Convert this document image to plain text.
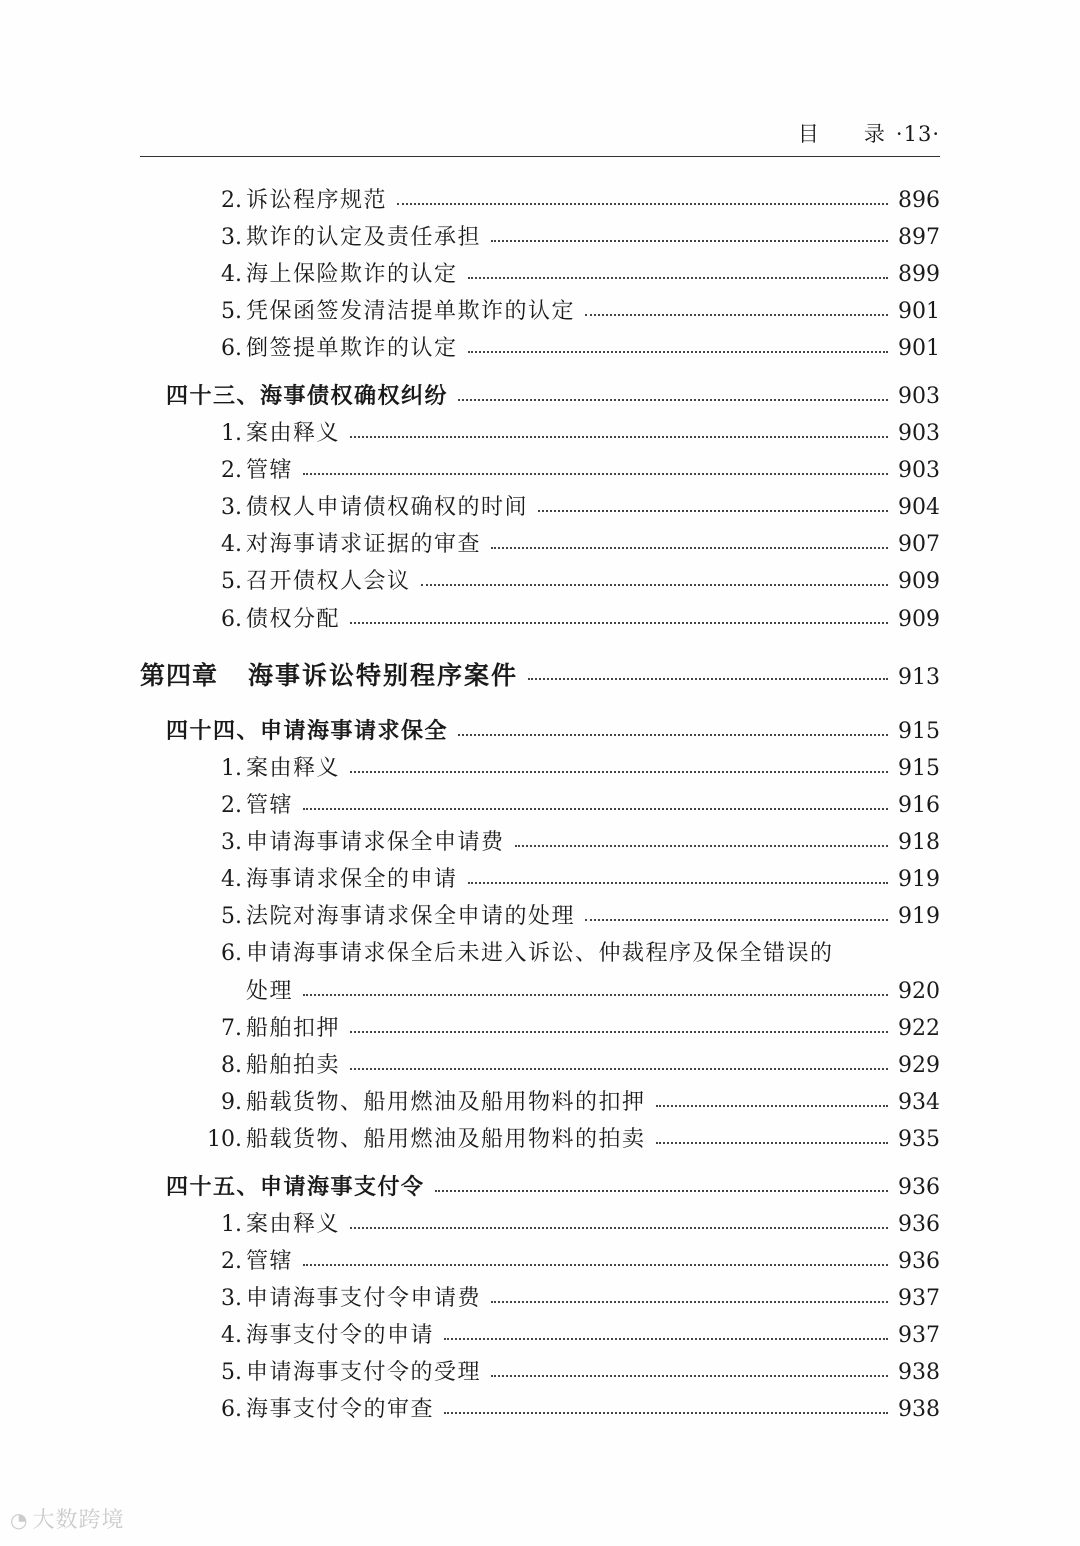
目 录 ·13·
2. 诉讼程序规范	896
3. 欺诈的认定及责任承担	897
4. 海上保险欺诈的认定	899
5. 凭保函签发清洁提单欺诈的认定	901
6. 倒签提单欺诈的认定	901
四十三、海事债权确权纠纷	903
1. 案由释义	903
2. 管辖	903
3. 债权人申请债权确权的时间	904
4. 对海事请求证据的审查	907
5. 召开债权人会议	909
6. 债权分配	909
第四章 海事诉讼特别程序案件	913
四十四、申请海事请求保全	915
1. 案由释义	915
2. 管辖	916
3. 申请海事请求保全申请费	918
4. 海事请求保全的申请	919
5. 法院对海事请求保全申请的处理	919
6. 申请海事请求保全后未进入诉讼、仲裁程序及保全错误的
处理	920
7. 船舶扣押	922
8. 船舶拍卖	929
9. 船载货物、船用燃油及船用物料的扣押	934
10. 船载货物、船用燃油及船用物料的拍卖	935
四十五、申请海事支付令	936
1. 案由释义	936
2. 管辖	936
3. 申请海事支付令申请费	937
4. 海事支付令的申请	937
5. 申请海事支付令的受理	938
6. 海事支付令的审查	938
◔ 大数跨境
